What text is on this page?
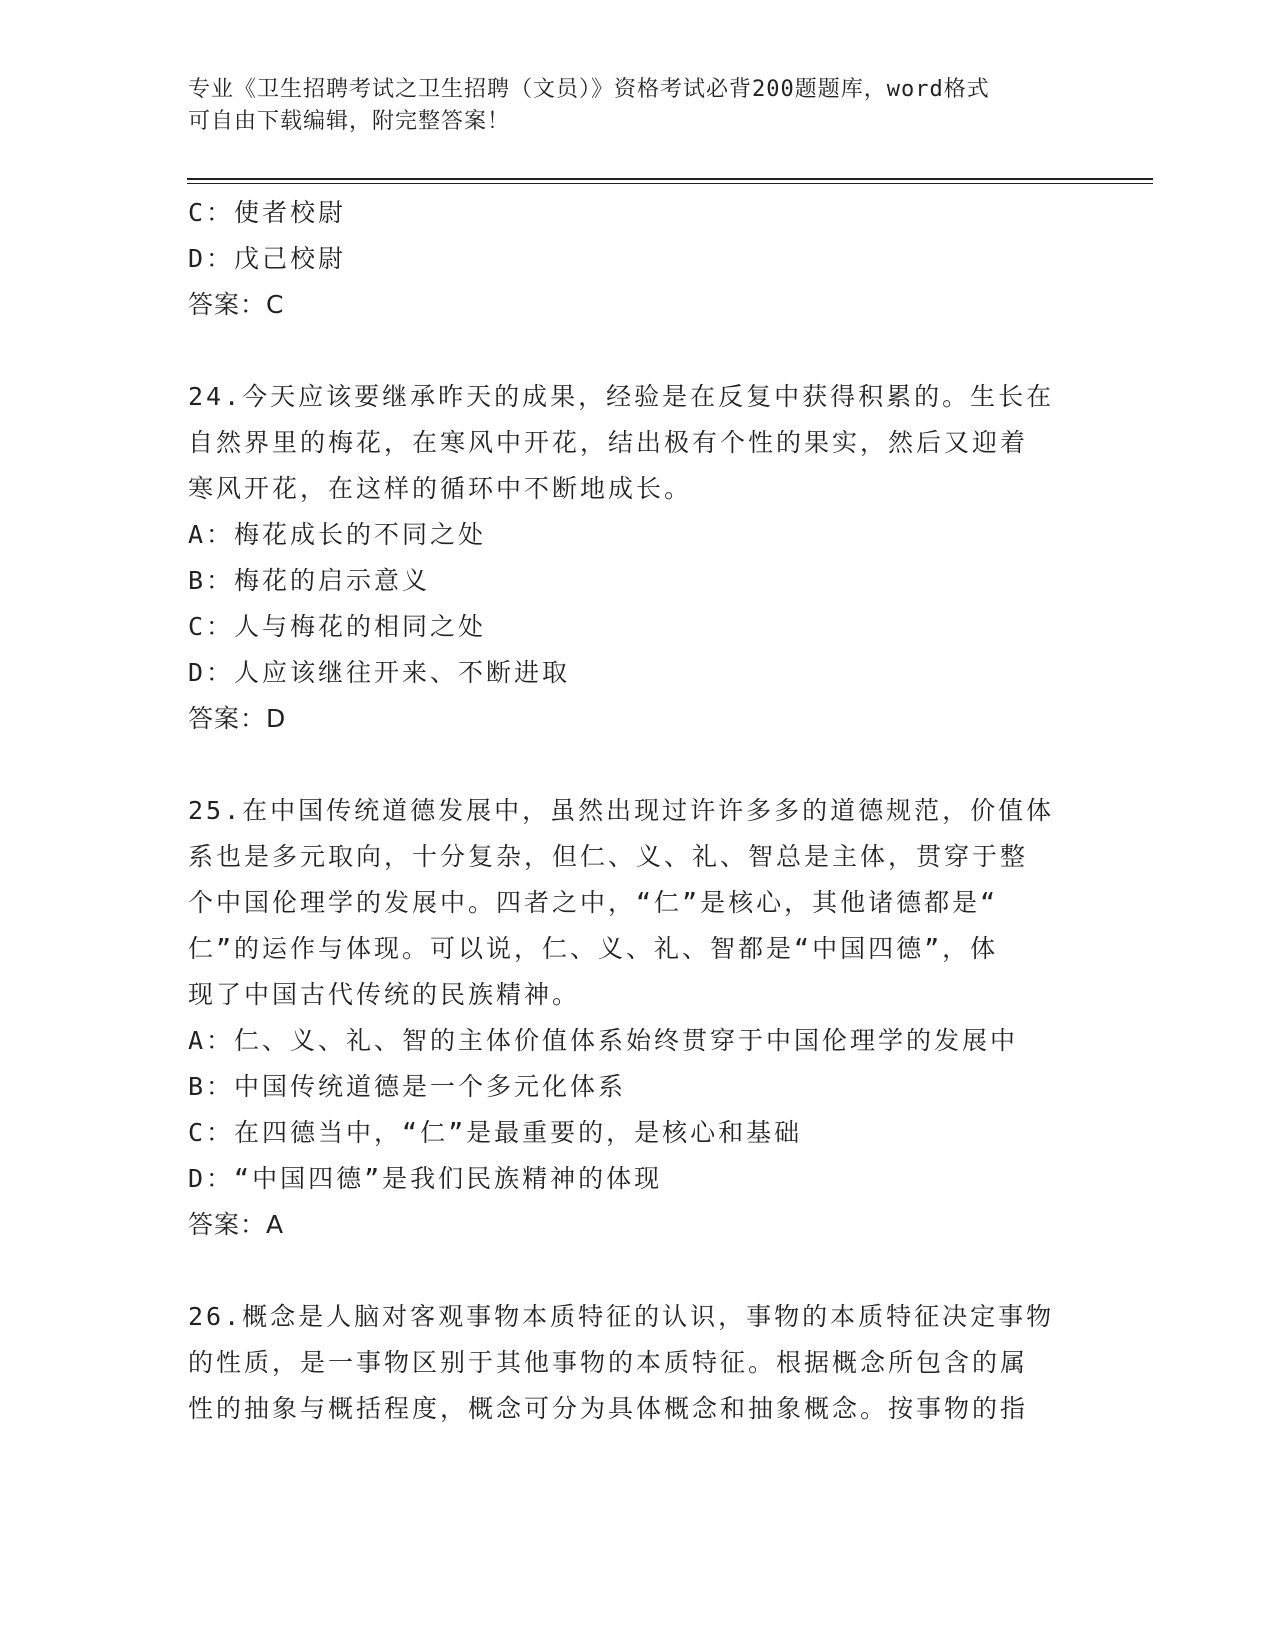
专业《卫生招聘考试之卫生招聘（文员）》资格考试必背200题题库，word格式
可自由下载编辑，附完整答案！
C：使者校尉
D：戊己校尉
答案：C
24.今天应该要继承昨天的成果，经验是在反复中获得积累的。生长在
自然界里的梅花，在寒风中开花，结出极有个性的果实，然后又迎着
寒风开花，在这样的循环中不断地成长。
A：梅花成长的不同之处
B：梅花的启示意义
C：人与梅花的相同之处
D：人应该继往开来、不断进取
答案：D
25.在中国传统道德发展中，虽然出现过许许多多的道德规范，价值体
系也是多元取向，十分复杂，但仁、义、礼、智总是主体，贯穿于整
个中国伦理学的发展中。四者之中，“仁”是核心，其他诸德都是“
仁”的运作与体现。可以说，仁、义、礼、智都是“中国四德”，体
现了中国古代传统的民族精神。
A：仁、义、礼、智的主体价值体系始终贯穿于中国伦理学的发展中
B：中国传统道德是一个多元化体系
C：在四德当中，“仁”是最重要的，是核心和基础
D：“中国四德”是我们民族精神的体现
答案：A
26.概念是人脑对客观事物本质特征的认识，事物的本质特征决定事物
的性质，是一事物区别于其他事物的本质特征。根据概念所包含的属
性的抽象与概括程度，概念可分为具体概念和抽象概念。按事物的指
